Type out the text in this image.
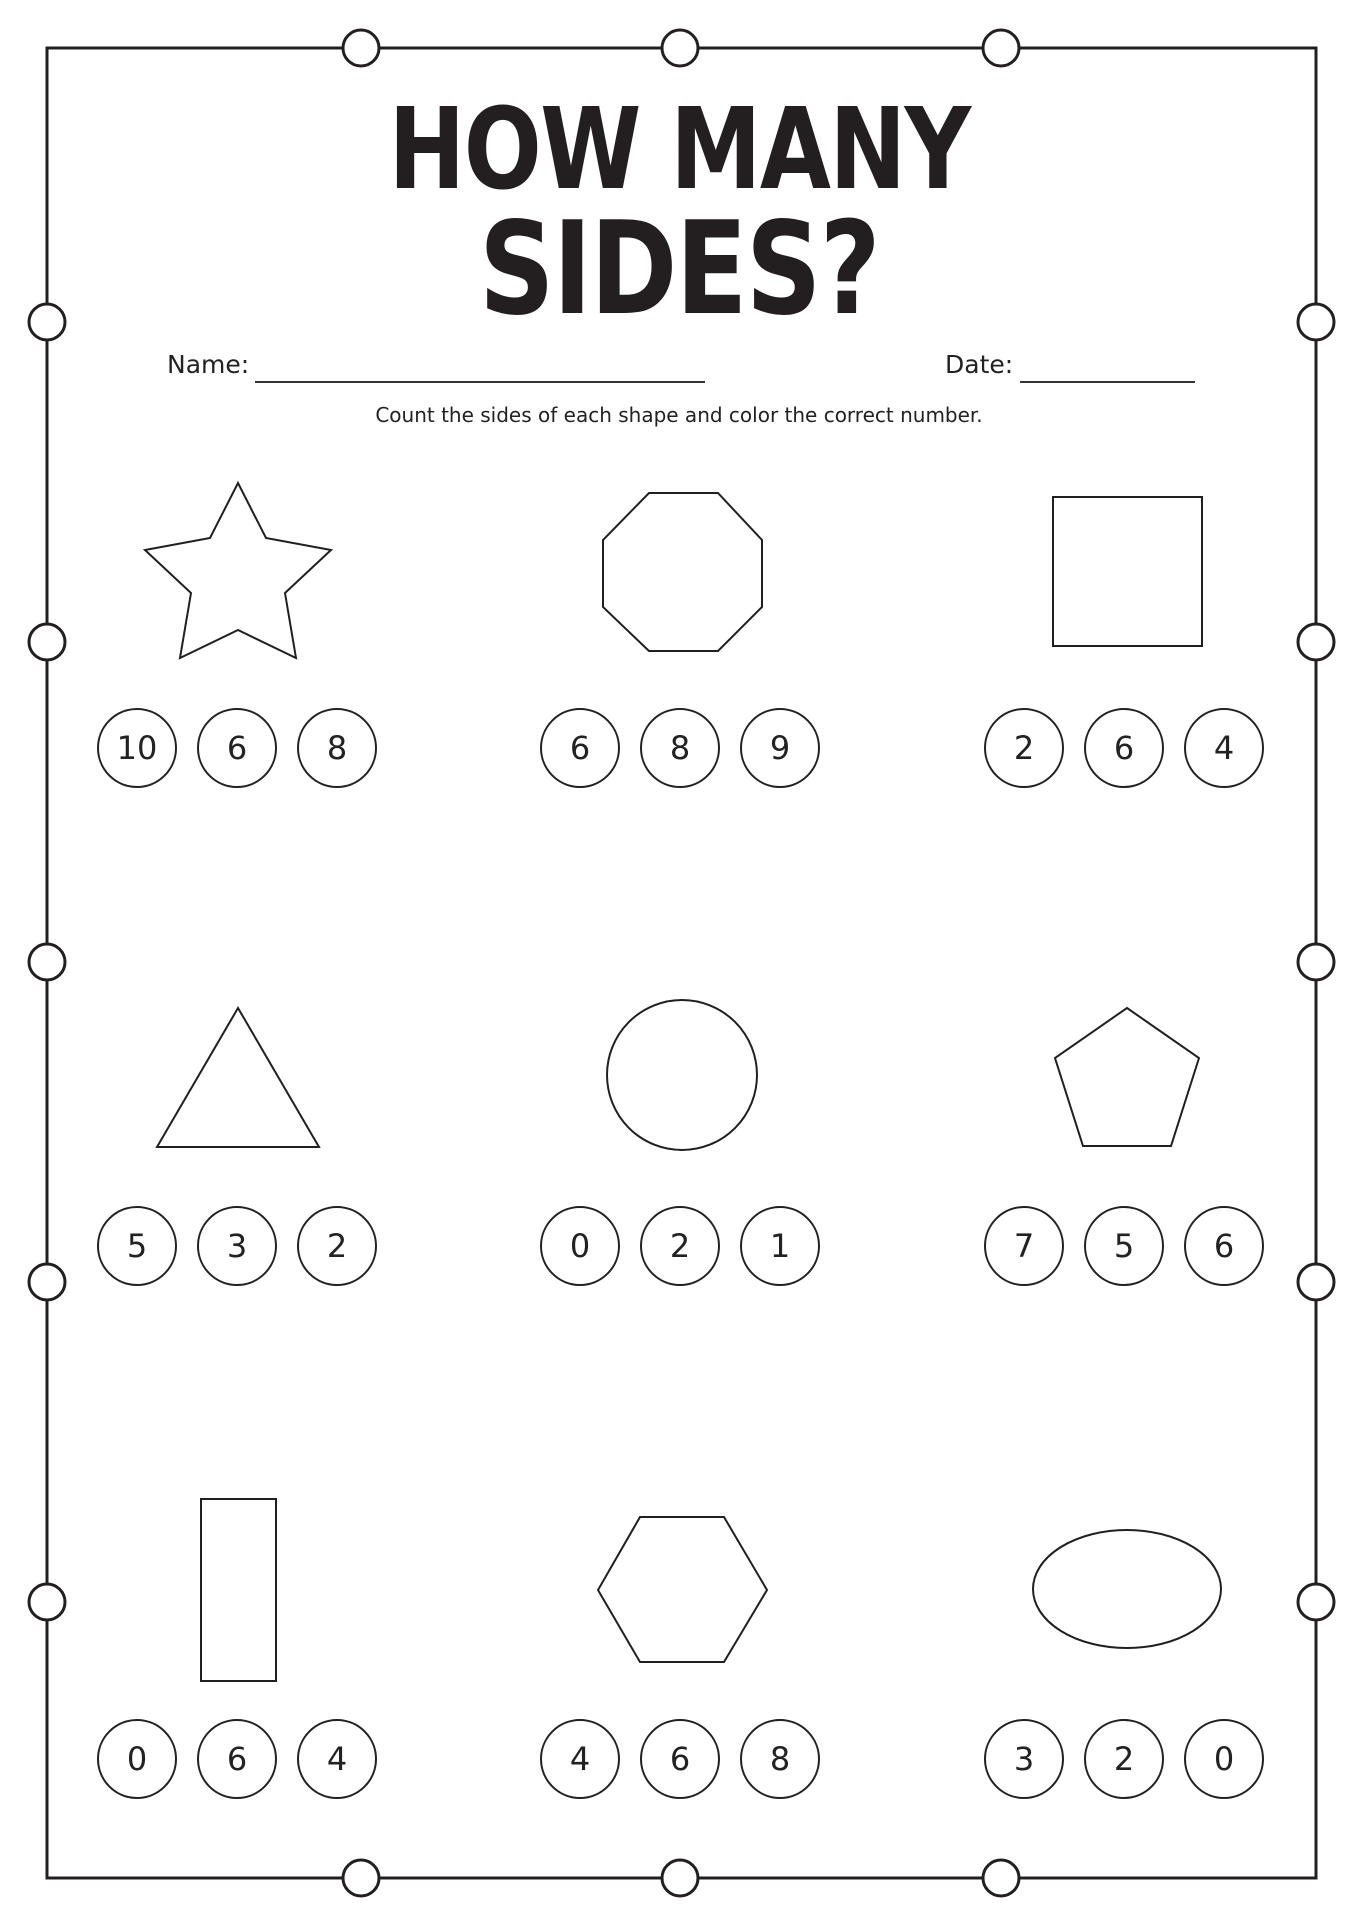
HOW MANY
SIDES?
Name:	Date:
Count the sides of each shape and color the correct number.
10	6	8	6	8	9	2	6	4
5	3	2	0	2	1	7	5	6
0	6	4	4	6	8	3	2	0
